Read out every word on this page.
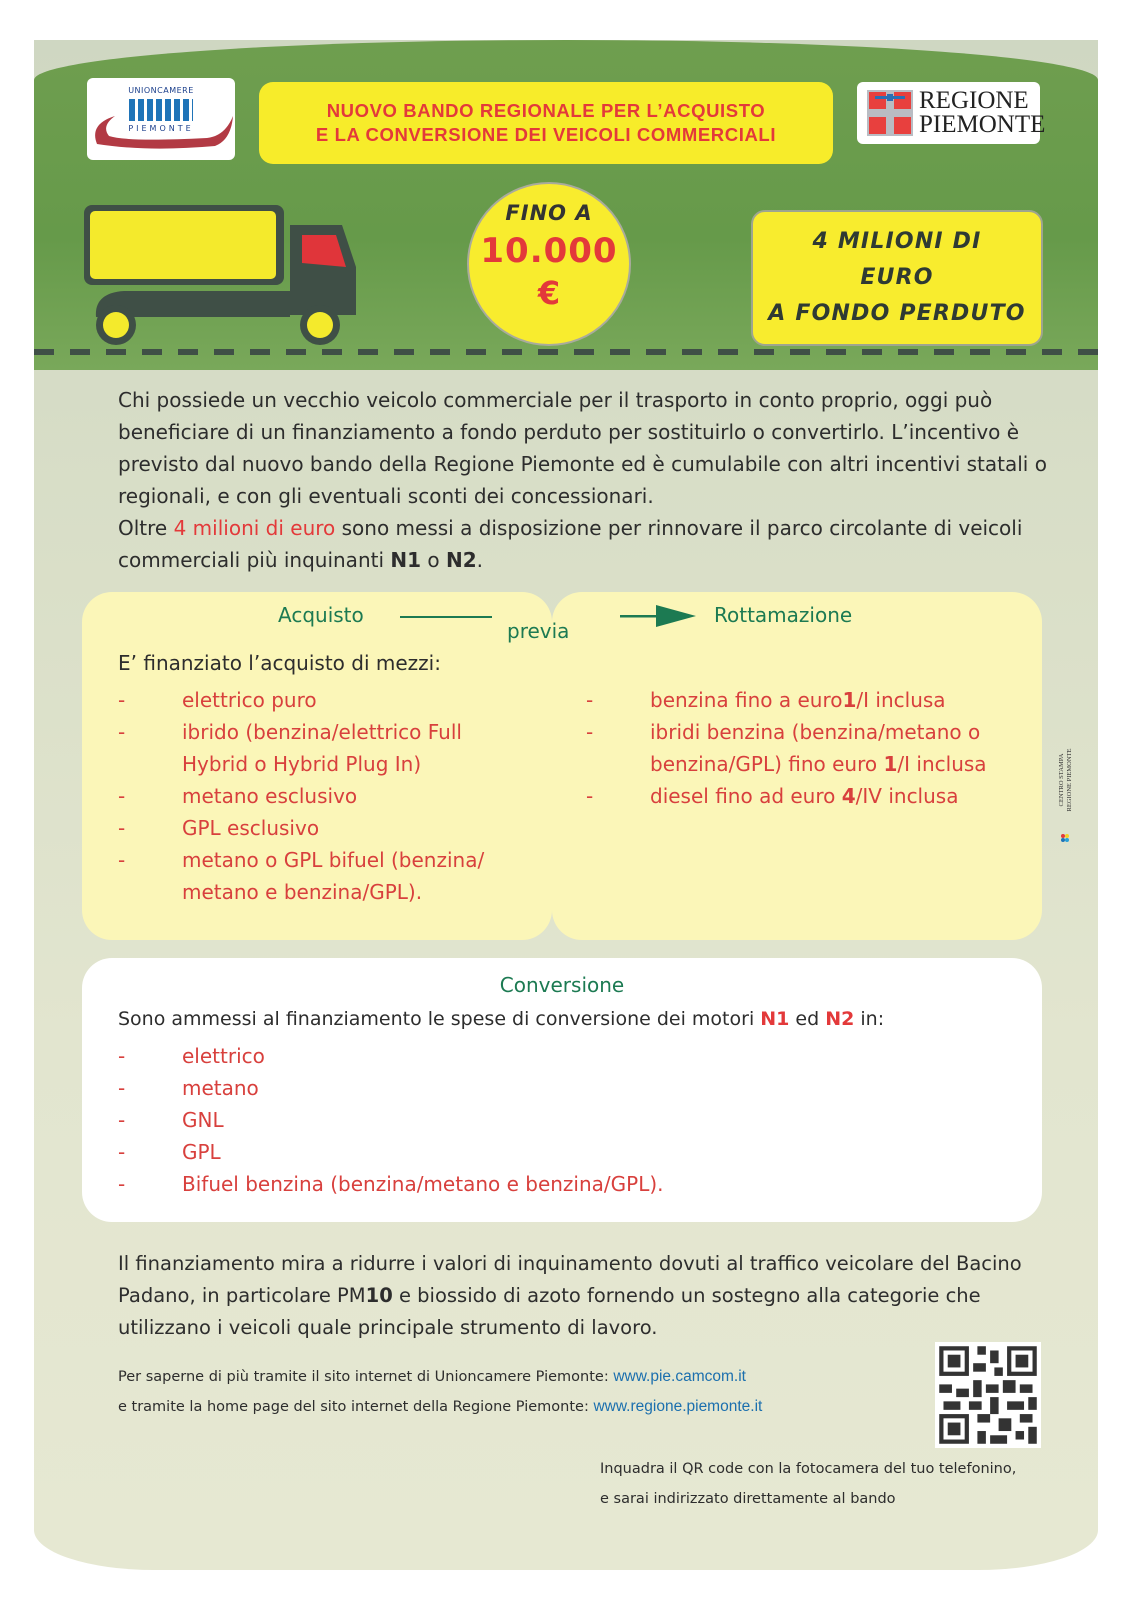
UNIONCAMERE
PIEMONTE
NUOVO BANDO REGIONALE PER L’ACQUISTO
E LA CONVERSIONE DEI VEICOLI COMMERCIALI
REGIONE
PIEMONTE
FINO A
10.000
€
4 MILIONI DI
EURO
A FONDO PERDUTO
Chi possiede un vecchio veicolo commerciale per il trasporto in conto proprio, oggi può beneficiare di un finanziamento a fondo perduto per sostituirlo o convertirlo. L’incentivo è previsto dal nuovo bando della Regione Piemonte ed è cumulabile con altri incentivi statali o regionali, e con gli eventuali sconti dei concessionari.
Oltre 4 milioni di euro sono messi a disposizione per rinnovare il parco circolante di veicoli commerciali più inquinanti N1 o N2.
E’ finanziato l’acquisto di mezzi:
-	elettrico puro
-	ibrido (benzina/elettrico Full Hybrid o Hybrid Plug In)
-	metano esclusivo
-	GPL esclusivo
-	metano o GPL bifuel (benzina/ metano e benzina/GPL).
-	benzina fino a euro1/I inclusa
-	ibridi benzina (benzina/metano o benzina/GPL) fino euro 1/I inclusa
-	diesel fino ad euro 4/IV inclusa
Acquisto
previa
Rottamazione
Conversione
Sono ammessi al finanziamento le spese di conversione dei motori N1 ed N2 in:
-	elettrico
-	metano
-	GNL
-	GPL
-	Bifuel benzina (benzina/metano e benzina/GPL).
Il finanziamento mira a ridurre i valori di inquinamento dovuti al traffico veicolare del Bacino Padano, in particolare PM10 e biossido di azoto fornendo un sostegno alla categorie che utilizzano i veicoli quale principale strumento di lavoro.
Per saperne di più tramite il sito internet di Unioncamere Piemonte: www.pie.camcom.it
e tramite la home page del sito internet della Regione Piemonte: www.regione.piemonte.it
Inquadra il QR code con la fotocamera del tuo telefonino,
e sarai indirizzato direttamente al bando
CENTRO STAMPA REGIONE PIEMONTE
